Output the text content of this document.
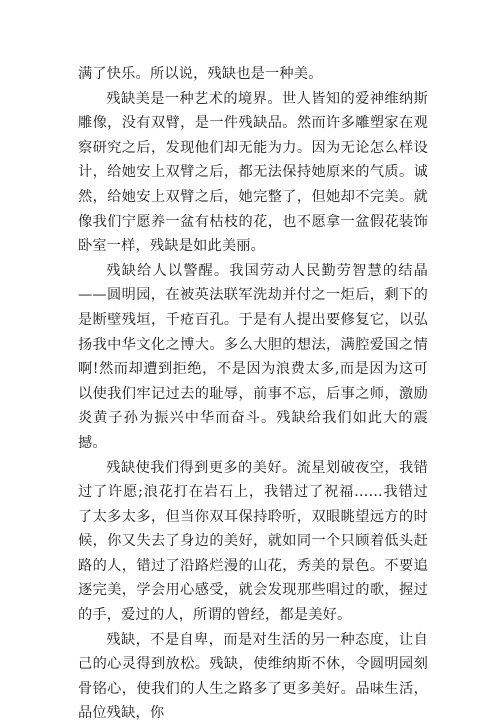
满了快乐。所以说，残缺也是一种美。

残缺美是一种艺术的境界。世人皆知的爱神维纳斯雕像，没有双臂，是一件残缺品。然而许多雕塑家在观察研究之后，发现他们却无能为力。因为无论怎么样设计，给她安上双臂之后，都无法保持她原来的气质。诚然，给她安上双臂之后，她完整了，但她却不完美。就像我们宁愿养一盆有枯枝的花，也不愿拿一盆假花装饰卧室一样，残缺是如此美丽。

残缺给人以警醒。我国劳动人民勤劳智慧的结晶——圆明园，在被英法联军洗劫并付之一炬后，剩下的是断壁残垣，千疮百孔。于是有人提出要修复它，以弘扬我中华文化之博大。多么大胆的想法，满腔爱国之情啊!然而却遭到拒绝，不是因为浪费太多,而是因为这可以使我们牢记过去的耻辱，前事不忘，后事之师，激励炎黄子孙为振兴中华而奋斗。残缺给我们如此大的震撼。

残缺使我们得到更多的美好。流星划破夜空，我错过了许愿;浪花打在岩石上，我错过了祝福……我错过了太多太多，但当你双耳保持聆听，双眼眺望远方的时候，你又失去了身边的美好，就如同一个只顾着低头赶路的人，错过了沿路烂漫的山花，秀美的景色。不要追逐完美，学会用心感受，就会发现那些唱过的歌，握过的手，爱过的人，所谓的曾经，都是美好。

残缺，不是自卑，而是对生活的另一种态度，让自己的心灵得到放松。残缺，使维纳斯不休，令圆明园刻骨铭心，使我们的人生之路多了更多美好。品味生活，品位残缺，你
